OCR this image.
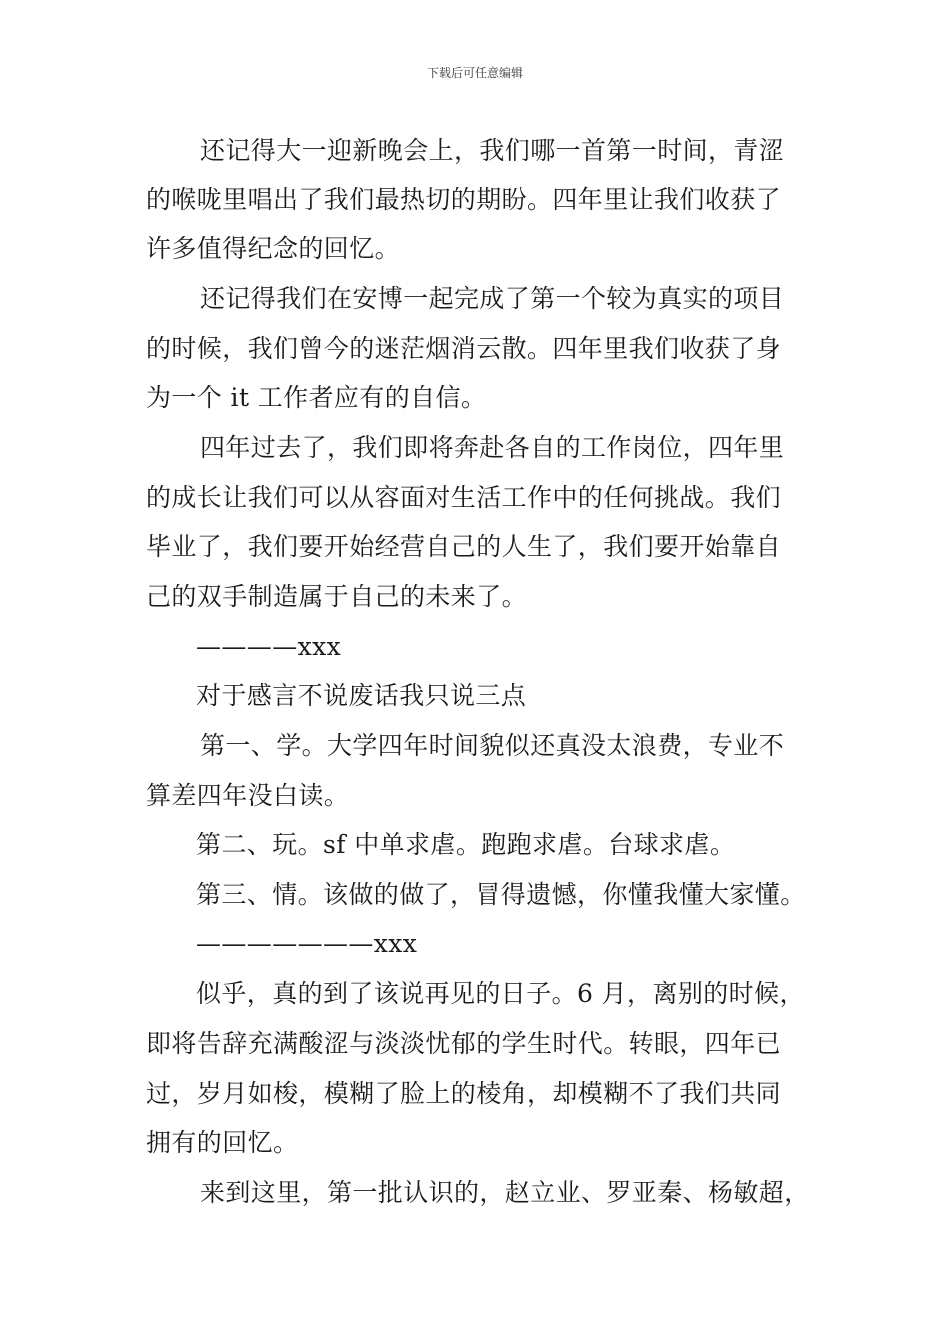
下载后可任意编辑
还记得大一迎新晚会上，我们哪一首第一时间，青涩
的喉咙里唱出了我们最热切的期盼。四年里让我们收获了
许多值得纪念的回忆。
还记得我们在安博一起完成了第一个较为真实的项目
的时候，我们曾今的迷茫烟消云散。四年里我们收获了身
为一个 it 工作者应有的自信。
四年过去了，我们即将奔赴各自的工作岗位，四年里
的成长让我们可以从容面对生活工作中的任何挑战。我们
毕业了，我们要开始经营自己的人生了，我们要开始靠自
己的双手制造属于自己的未来了。
————xxx
对于感言不说废话我只说三点
第一、学。大学四年时间貌似还真没太浪费，专业不
算差四年没白读。
第二、玩。sf 中单求虐。跑跑求虐。台球求虐。
第三、情。该做的做了，冒得遗憾，你懂我懂大家懂。
———————xxx
似乎，真的到了该说再见的日子。6 月，离别的时候，
即将告辞充满酸涩与淡淡忧郁的学生时代。转眼，四年已
过，岁月如梭，模糊了脸上的棱角，却模糊不了我们共同
拥有的回忆。
来到这里，第一批认识的，赵立业、罗亚秦、杨敏超，
